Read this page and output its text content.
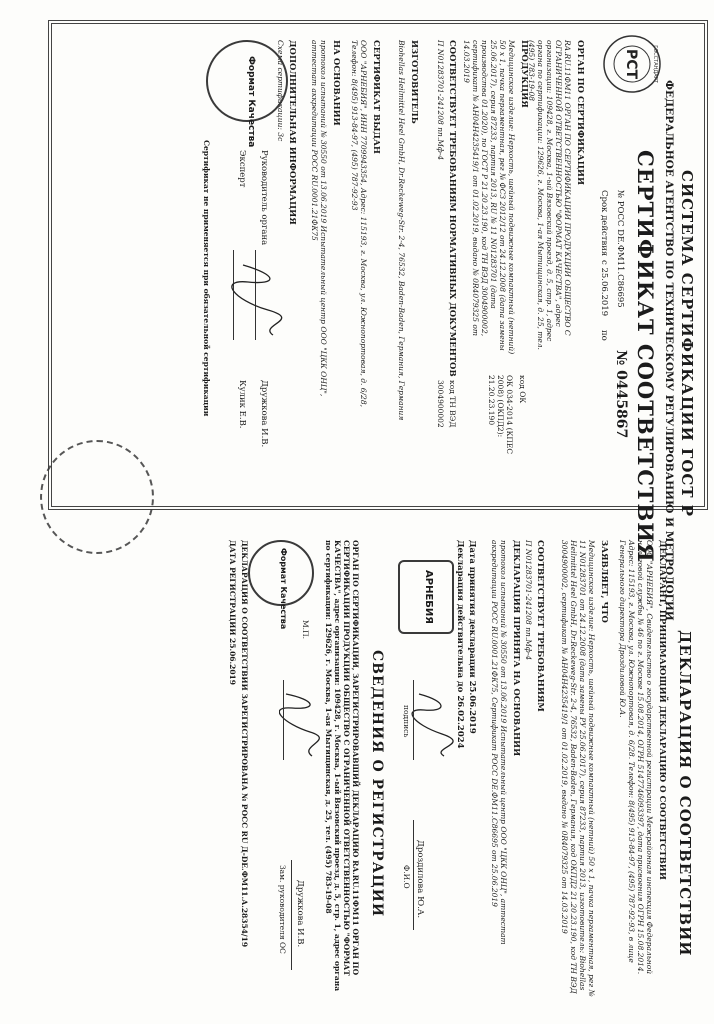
СИСТЕМА СЕРТИФИКАЦИИ ГОСТ Р
ФЕДЕРАЛЬНОЕ АГЕНТСТВО ПО ТЕХНИЧЕСКОМУ РЕГУЛИРОВАНИЮ И МЕТРОЛОГИИ
РСТ	ГОССТАНДАРТ
СЕРТИФИКАТ СООТВЕТСТВИЯ
№ 0445867
№ РОСС DE.ФМ11.С86695
Срок действия
с 25.06.2019
по
ОРГАН ПО СЕРТИФИКАЦИИ
RA.RU.11ФМ11 ОРГАН ПО СЕРТИФИКАЦИИ ПРОДУКЦИИ ОБЩЕСТВО С ОГРАНИЧЕННОЙ ОТВЕТСТВЕННОСТЬЮ "ФОРМАТ КАЧЕСТВА", адрес организации: 109428, г. Москва, 1-ый Вязовский проезд, д. 5, стр. 1, адрес органа по сертификации: 129626, г. Москва, 1-ая Мытищинская, д. 25, тел. (495) 783-19-08
ПРОДУКЦИЯ
Медицинское изделие: Нерхость, шейный подвижные компактный (нетний) 50 x 1, пачка пергаментная, рег № ФСЗ 2012/12 от 24.12.2008 (дата замены 25.06.2017), серия 87233, партия 2013, RU № 11 N01283701 (дата производства 01.2020), по ГОСТ Р 21.20.23.190, код ТН ВЭД 3004900002, сертификат № АН04Н4235419/1 от 01.02.2019, выдано № 0R4079325 от 14.03.2019
код ОК
ОК 034-2014 (КПЕС 2008) (ОКПД2): 21.20.23.190
СООТВЕТСТВУЕТ ТРЕБОВАНИЯМ НОРМАТИВНЫХ ДОКУМЕНТОВ
П N01283701-241208 пп.Мф-4
код ТН ВЭД
3004900002
ИЗГОТОВИТЕЛЬ
Biohellas Heilmittel Heel GmbH, Dr.Reckeweg-Str. 2-4, 76532, Baden-Baden, Германия, Германия
СЕРТИФИКАТ ВЫДАН
ООО "АРНЕБИЯ", ИНН 7709943354, Адрес: 115193, г. Москва, ул. Южнопортовая, д. 6/28, Телефон: 8(495) 913-84-97, (495) 787-92-93
НА ОСНОВАНИИ
протокол испытаний № 30550 от 13.06.2019 Испытательный центр ООО "ЦКК ОНЦ", аттестат аккредитации РОСС RU.0001.21ФК75
ДОПОЛНИТЕЛЬНАЯ ИНФОРМАЦИЯ
Схема сертификации: 3с
Руководитель органа
Дружкова И.В.
Эксперт
Кулик Е.В.
Формат Качества
Сертификат не применяется при обязательной сертификации
ДЕКЛАРАЦИЯ О СООТВЕТСТВИИ
ДЕКЛАРАНТ, ПРИНИМАЮЩИЙ ДЕКЛАРАЦИЮ О СООТВЕТСТВИИ
ООО "АРНЕБИЯ", Свидетельство о государственной регистрации Межрайонная инспекция Федеральной налоговой службы № 46 по г. Москве 15.08.2014, ОГРН 5147746093397, дата присвоения ОГРН 15.08.2014. Адрес: 115193, г. Москва, ул. Южнопортовая, д. 6/28. Телефон: 8(495) 913-84-97, (495) 787-92-93, в лице Генерального директора Дроздиловой Ю.А.
ЗАЯВЛЯЕТ, ЧТО
Медицинское изделие: Нерхость, шейный подвижные компактный (нетний) 50 x 1, пачка пергаментная, рег № 11 N01283701 от 24.12.2008 (дата замены РУ 25.06.2017), серия 87233, партия 2013, изготовитель: Biohellas Heilmittel Heel GmbH, Dr.Reckeweg-Str. 2-4, 76532, Baden-Baden, Германия, код ОКПД2 21.20.23.190, код ТН ВЭД 3004900002, сертификат № АН04Н4235419/1 от 01.02.2019, выдано № 0R4079325 от 14.03.2019
СООТВЕТСТВУЕТ ТРЕБОВАНИЯМ
П N01283701-241208 пп.Мф-4
ДЕКЛАРАЦИЯ ПРИНЯТА НА ОСНОВАНИИ
протокол испытаний № 30550 от 13.06.2019 Испытательный центр ООО "ЦКК ОНЦ", аттестат аккредитации РОСС RU.0001.21ФК75, Сертификат РОСС DE.ФМ11.С86695 от 25.06.2019
Дата принятия декларации 25.06.2019
Декларация действительна до 26.02.2024
АРНЕБИЯ
подпись
Дроздилова Ю.А.
Ф.И.О
СВЕДЕНИЯ О РЕГИСТРАЦИИ
ОРГАН ПО СЕРТИФИКАЦИИ, ЗАРЕГИСТРИРОВАВШИЙ ДЕКЛАРАЦИЮ RA.RU.11ФМ11 ОРГАН ПО СЕРТИФИКАЦИИ ПРОДУКЦИИ ОБЩЕСТВО С ОГРАНИЧЕННОЙ ОТВЕТСТВЕННОСТЬЮ "ФОРМАТ КАЧЕСТВА", адрес организации: 109428, г. Москва, 1-ый Вязовский проезд, д. 5, стр. 1, адрес органа по сертификации: 129626, г. Москва, 1-ая Мытищинская, д. 25, тел. (495) 783-19-08
Формат Качества
М.П.
Дружкова И.В.
Зам. руководителя ОС
ДЕКЛАРАЦИЯ О СООТВЕТСТВИИ ЗАРЕГИСТРИРОВАНА № РОСС RU Д-DE.ФМ11.А.28354/19
ДАТА РЕГИСТРАЦИИ 25.06.2019
